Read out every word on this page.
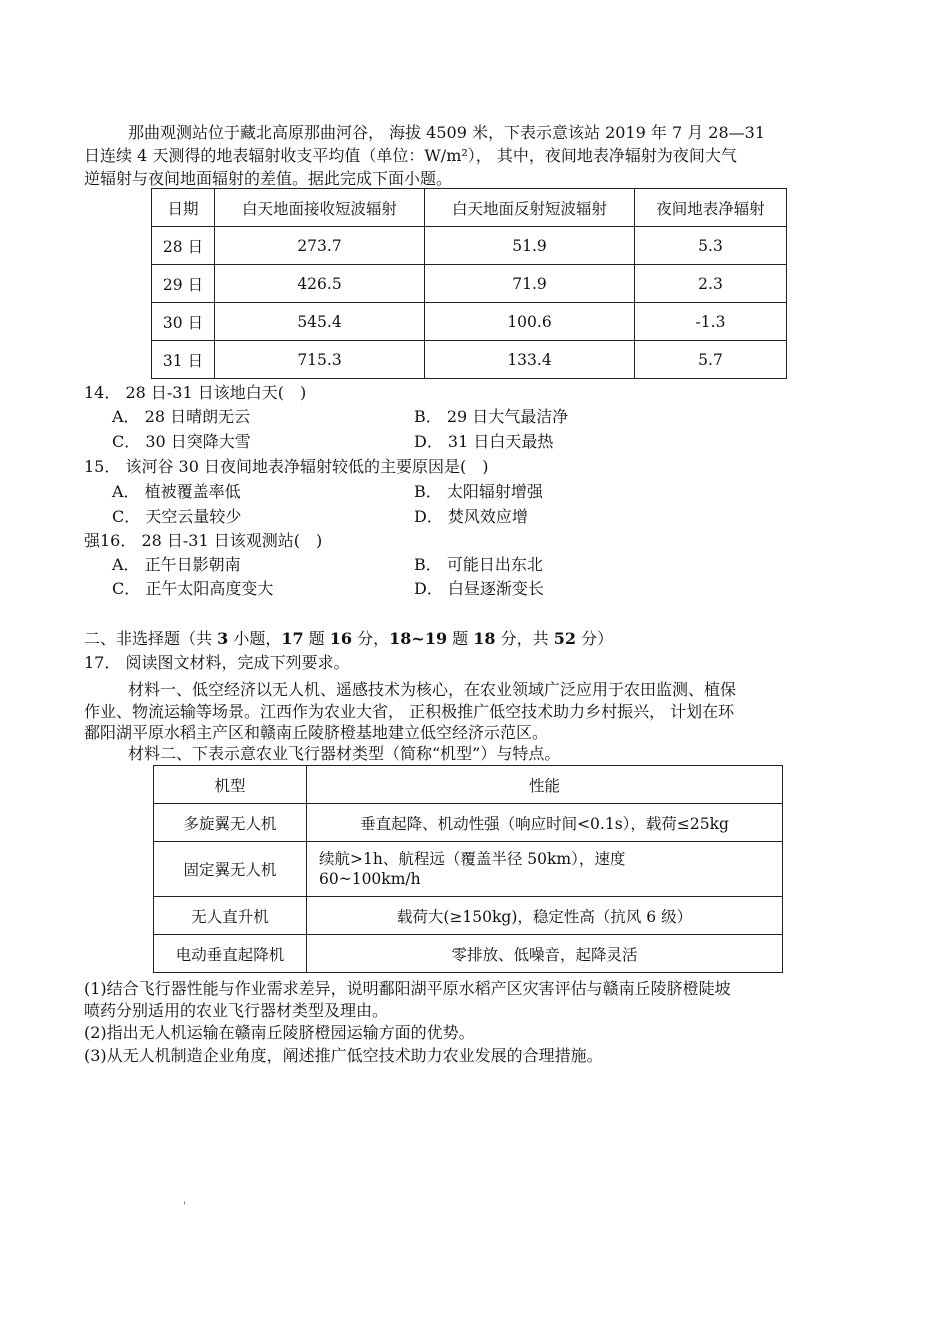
那曲观测站位于藏北高原那曲河谷， 海拔 4509 米，下表示意该站 2019 年 7 月 28—31
日连续 4 天测得的地表辐射收支平均值（单位：W/m²）， 其中，夜间地表净辐射为夜间大气
逆辐射与夜间地面辐射的差值。据此完成下面小题。
日期	白天地面接收短波辐射	白天地面反射短波辐射	夜间地表净辐射
28 日	273.7	51.9	5.3
29 日	426.5	71.9	2.3
30 日	545.4	100.6	-1.3
31 日	715.3	133.4	5.7
14． 28 日-31 日该地白天(　)
A． 28 日晴朗无云	B． 29 日大气最洁净
C． 30 日突降大雪	D． 31 日白天最热
15． 该河谷 30 日夜间地表净辐射较低的主要原因是(　)
A． 植被覆盖率低	B． 太阳辐射增强
C． 天空云量较少	D． 焚风效应增
强16． 28 日-31 日该观测站(　)
A． 正午日影朝南	B． 可能日出东北
C． 正午太阳高度变大	D． 白昼逐渐变长
二、非选择题（共 3 小题，17 题 16 分，18~19 题 18 分，共 52 分）
17． 阅读图文材料，完成下列要求。
材料一、低空经济以无人机、遥感技术为核心，在农业领域广泛应用于农田监测、植保
作业、物流运输等场景。江西作为农业大省， 正积极推广低空技术助力乡村振兴， 计划在环
鄱阳湖平原水稻主产区和赣南丘陵脐橙基地建立低空经济示范区。
材料二、下表示意农业飞行器材类型（简称“机型”）与特点。
机型	性能
多旋翼无人机	垂直起降、机动性强（响应时间<0.1s），载荷≤25kg
固定翼无人机	续航>1h、航程远（覆盖半径 50km），速度 60~100km/h

无人直升机	载荷大(≥150kg)，稳定性高（抗风 6 级）
电动垂直起降机	零排放、低噪音，起降灵活
(1)结合飞行器性能与作业需求差异，说明鄱阳湖平原水稻产区灾害评估与赣南丘陵脐橙陡坡
喷药分别适用的农业飞行器材类型及理由。
(2)指出无人机运输在赣南丘陵脐橙园运输方面的优势。
(3)从无人机制造企业角度，阐述推广低空技术助力农业发展的合理措施。
'
